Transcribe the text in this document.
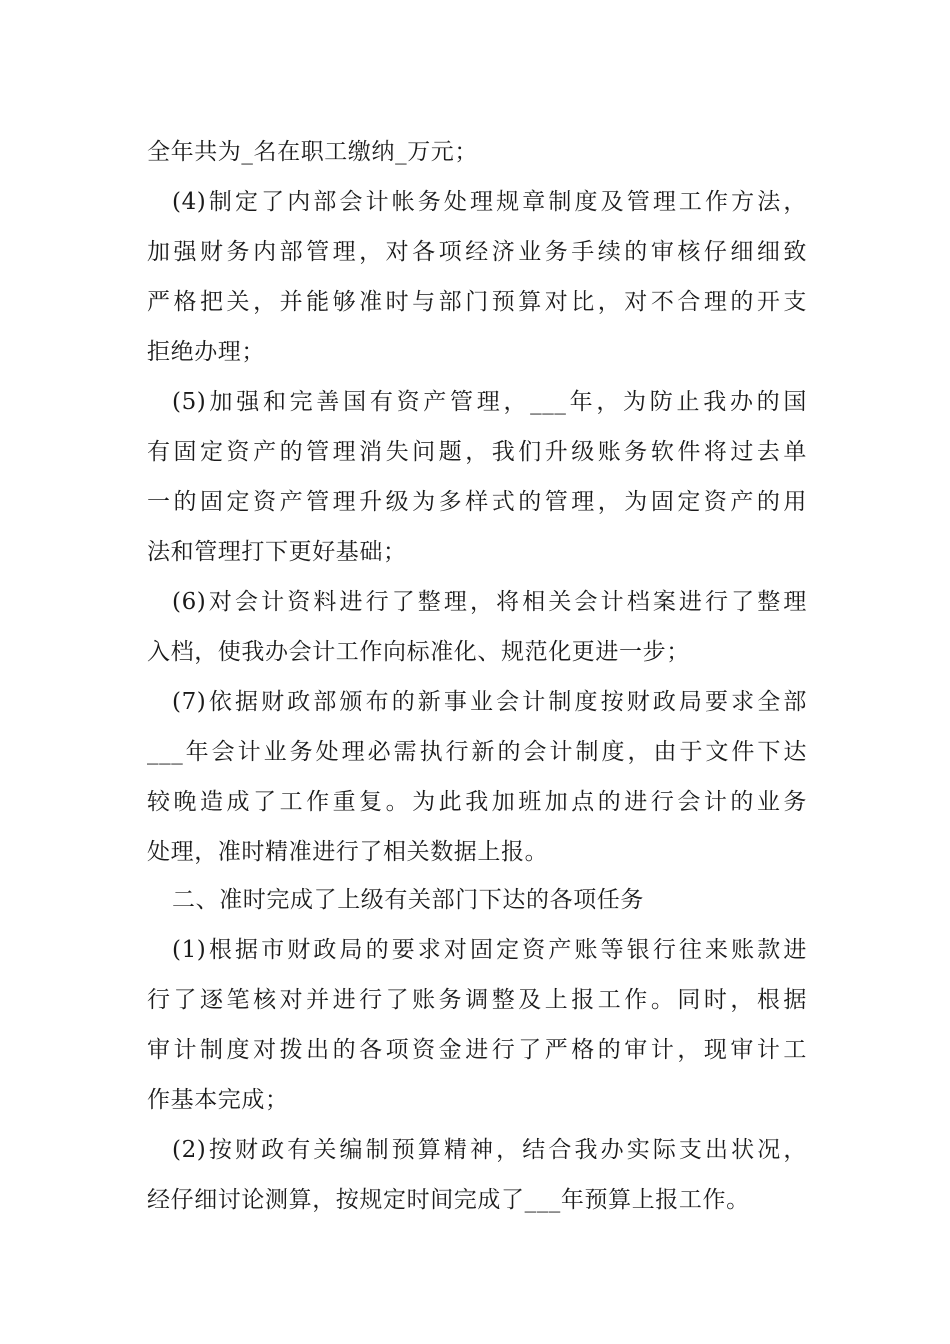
全年共为_名在职工缴纳_万元；
(4)制定了内部会计帐务处理规章制度及管理工作方法，
加强财务内部管理，对各项经济业务手续的审核仔细细致
严格把关，并能够准时与部门预算对比，对不合理的开支
拒绝办理；
(5)加强和完善国有资产管理，___年，为防止我办的国
有固定资产的管理消失问题，我们升级账务软件将过去单
一的固定资产管理升级为多样式的管理，为固定资产的用
法和管理打下更好基础；
(6)对会计资料进行了整理，将相关会计档案进行了整理
入档，使我办会计工作向标准化、规范化更进一步；
(7)依据财政部颁布的新事业会计制度按财政局要求全部
___年会计业务处理必需执行新的会计制度，由于文件下达
较晚造成了工作重复。为此我加班加点的进行会计的业务
处理，准时精准进行了相关数据上报。
二、准时完成了上级有关部门下达的各项任务
(1)根据市财政局的要求对固定资产账等银行往来账款进
行了逐笔核对并进行了账务调整及上报工作。同时，根据
审计制度对拨出的各项资金进行了严格的审计，现审计工
作基本完成；
(2)按财政有关编制预算精神，结合我办实际支出状况，
经仔细讨论测算，按规定时间完成了___年预算上报工作。
